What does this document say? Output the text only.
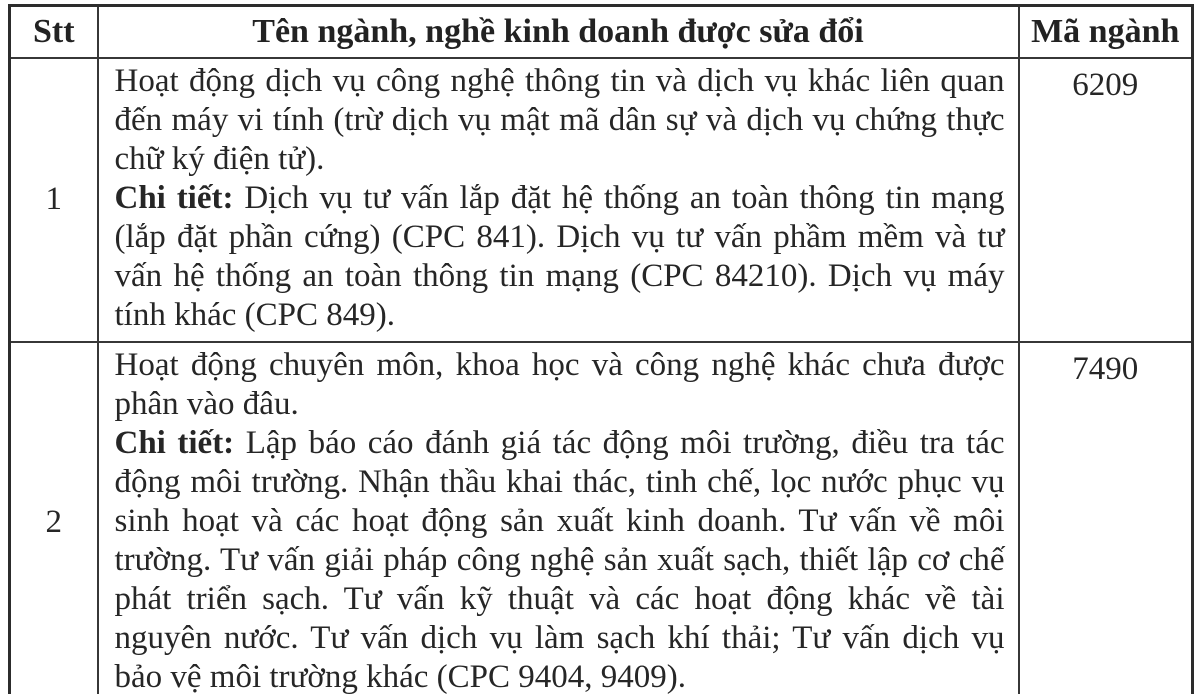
Stt	Tên ngành, nghề kinh doanh được sửa đổi	Mã ngành
1	Hoạt động dịch vụ công nghệ thông tin và dịch vụ khác liên quan đến máy vi tính (trừ dịch vụ mật mã dân sự và dịch vụ chứng thực chữ ký điện tử).

Chi tiết: Dịch vụ tư vấn lắp đặt hệ thống an toàn thông tin mạng (lắp đặt phần cứng) (CPC 841). Dịch vụ tư vấn phầm mềm và tư vấn hệ thống an toàn thông tin mạng (CPC 84210). Dịch vụ máy tính khác (CPC 849).	6209
2	Hoạt động chuyên môn, khoa học và công nghệ khác chưa được phân vào đâu.

Chi tiết: Lập báo cáo đánh giá tác động môi trường, điều tra tác động môi trường. Nhận thầu khai thác, tinh chế, lọc nước phục vụ sinh hoạt và các hoạt động sản xuất kinh doanh. Tư vấn về môi trường. Tư vấn giải pháp công nghệ sản xuất sạch, thiết lập cơ chế phát triển sạch. Tư vấn kỹ thuật và các hoạt động khác về tài nguyên nước. Tư vấn dịch vụ làm sạch khí thải; Tư vấn dịch vụ bảo vệ môi trường khác (CPC 9404, 9409).	7490
